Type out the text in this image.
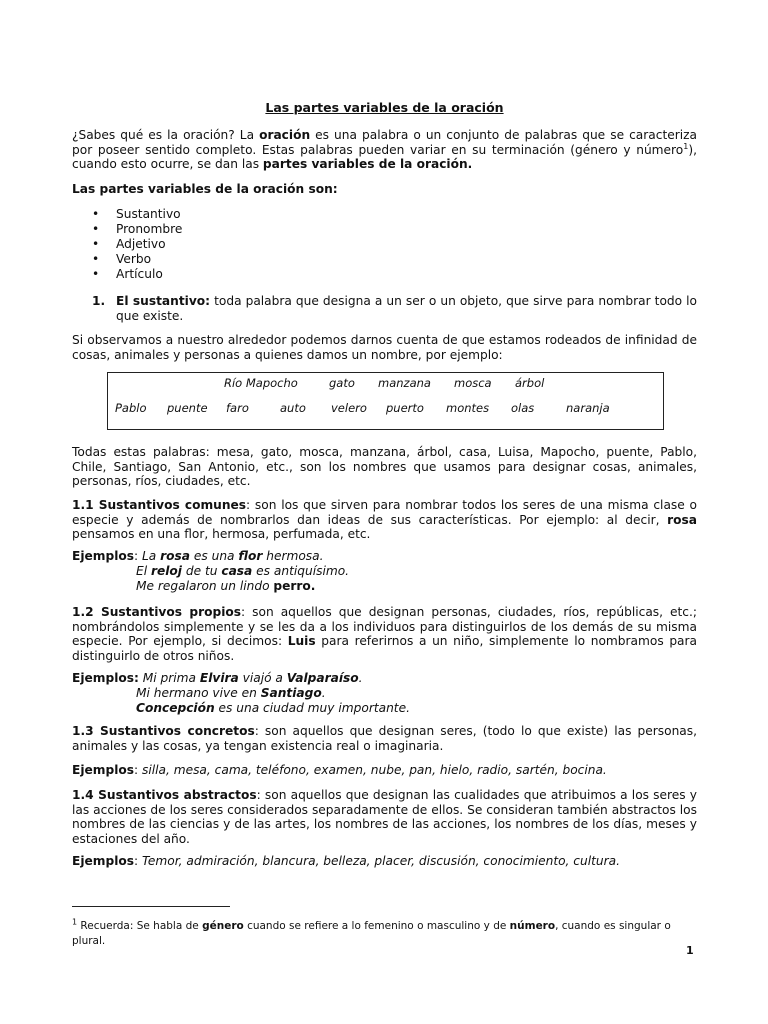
Las partes variables de la oración

¿Sabes qué es la oración? La oración es una palabra o un conjunto de palabras que se caracteriza por poseer sentido completo. Estas palabras pueden variar en su terminación (género y número$^1$), cuando esto ocurre, se dan las partes variables de la oración.

Las partes variables de la oración son:

• Sustantivo
• Pronombre
• Adjetivo
• Verbo
• Artículo
1. El sustantivo: toda palabra que designa a un ser o un objeto, que sirve para nombrar todo lo que existe.

Si observamos a nuestro alrededor podemos darnos cuenta de que estamos rodeados de infinidad de cosas, animales y personas a quienes damos un nombre, por ejemplo:

Río Mapocho	gato manzana mosca árbol
Pablo puente faro	auto velero puerto montes olas	naranja

Todas estas palabras: mesa, gato, mosca, manzana, árbol, casa, Luisa, Mapocho, puente, Pablo, Chile, Santiago, San Antonio, etc., son los nombres que usamos para designar cosas, animales, personas, ríos, ciudades, etc.

1.1 Sustantivos comunes: son los que sirven para nombrar todos los seres de una misma clase o especie y además de nombrarlos dan ideas de sus características. Por ejemplo: al decir, rosa pensamos en una flor, hermosa, perfumada, etc.

Ejemplos: La rosa es una flor hermosa.

El reloj de tu casa es antiquísimo.

Me regalaron un lindo perro.

1.2 Sustantivos propios: son aquellos que designan personas, ciudades, ríos, repúblicas, etc.; nombrándolos simplemente y se les da a los individuos para distinguirlos de los demás de su misma especie. Por ejemplo, si decimos: Luis para referirnos a un niño, simplemente lo nombramos para distinguirlo de otros niños.

Ejemplos: Mi prima Elvira viajó a Valparaíso.

Mi hermano vive en Santiago.

Concepción es una ciudad muy importante.

1.3 Sustantivos concretos: son aquellos que designan seres, (todo lo que existe) las personas, animales y las cosas, ya tengan existencia real o imaginaria.

Ejemplos: silla, mesa, cama, teléfono, examen, nube, pan, hielo, radio, sartén, bocina.

1.4 Sustantivos abstractos: son aquellos que designan las cualidades que atribuimos a los seres y las acciones de los seres considerados separadamente de ellos. Se consideran también abstractos los nombres de las ciencias y de las artes, los nombres de las acciones, los nombres de los días, meses y estaciones del año.

Ejemplos: Temor, admiración, blancura, belleza, placer, discusión, conocimiento, cultura.

$^1$ Recuerda: Se habla de género cuando se refiere a lo femenino o masculino y de número, cuando es singular o plural.

1
